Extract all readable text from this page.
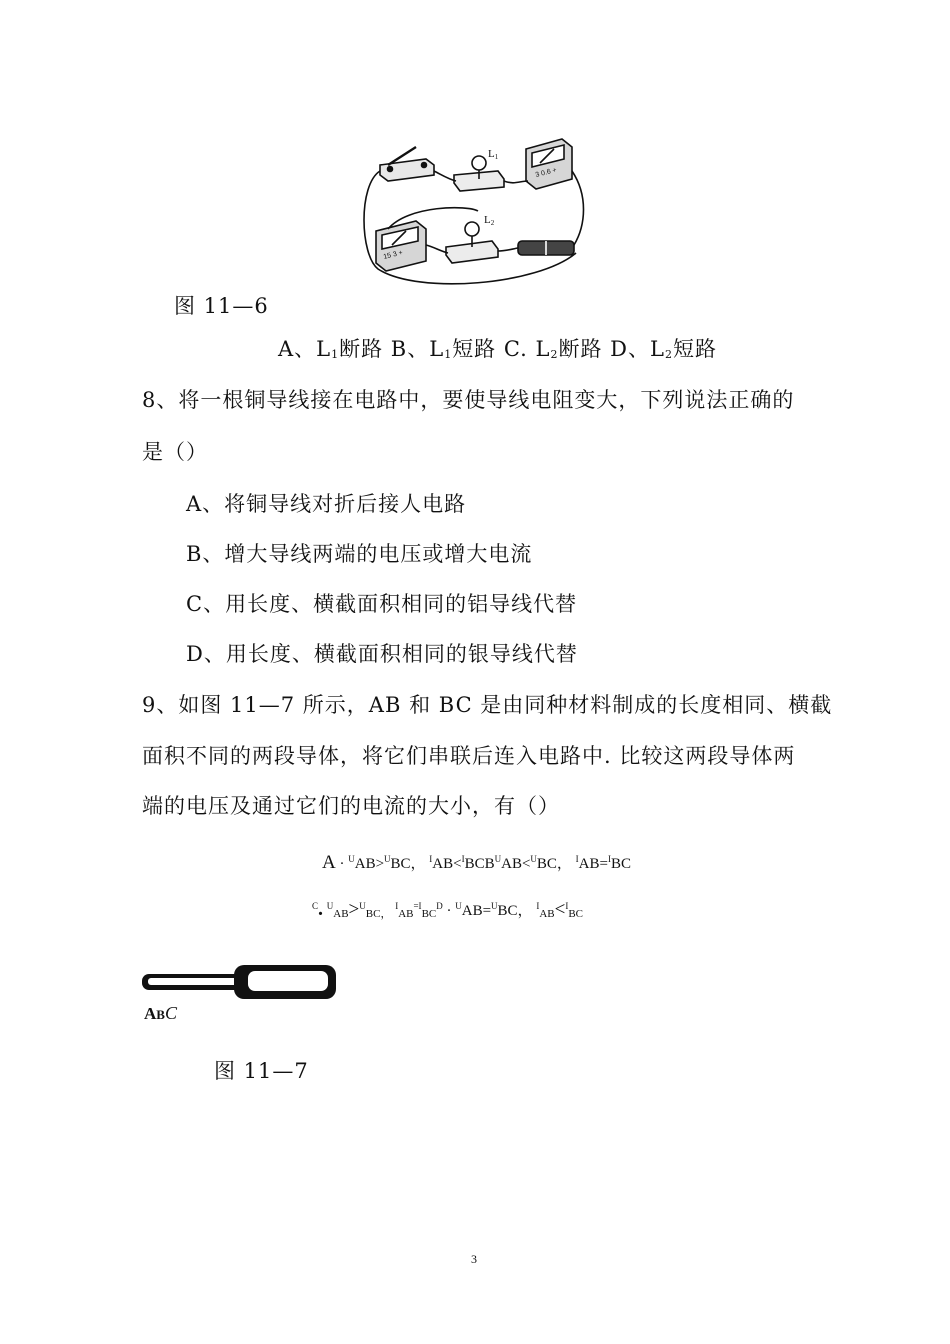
L1
L2
3 0.6 +
15 3 +
图 11—6
A、$L_1$断路 B、$L_1$短路 C. $L_2$断路 D、$L_2$短路
8、将一根铜导线接在电路中，要使导线电阻变大，下列说法正确的
是（）
A、将铜导线对折后接人电路
B、增大导线两端的电压或增大电流
C、用长度、横截面积相同的铝导线代替
D、用长度、横截面积相同的银导线代替
9、如图 11—7 所示，AB 和 BC 是由同种材料制成的长度相同、横截
面积不同的两段导体，将它们串联后连入电路中. 比较这两段导体两
端的电压及通过它们的电流的大小，有（）
A · $^U$AB>$^U$BC， $^IAB<^IBCB^UAB<^UBC$， $^I$AB=$^I$BC
$^C$. $^U_{AB}$>$^U_{BC,}$ $^I_{AB}^{=I}_{BC}^D$ · $^U$AB=$^U$BC， $^I_{AB}$<$^I_{BC}$
ABC
图 11—7
3
